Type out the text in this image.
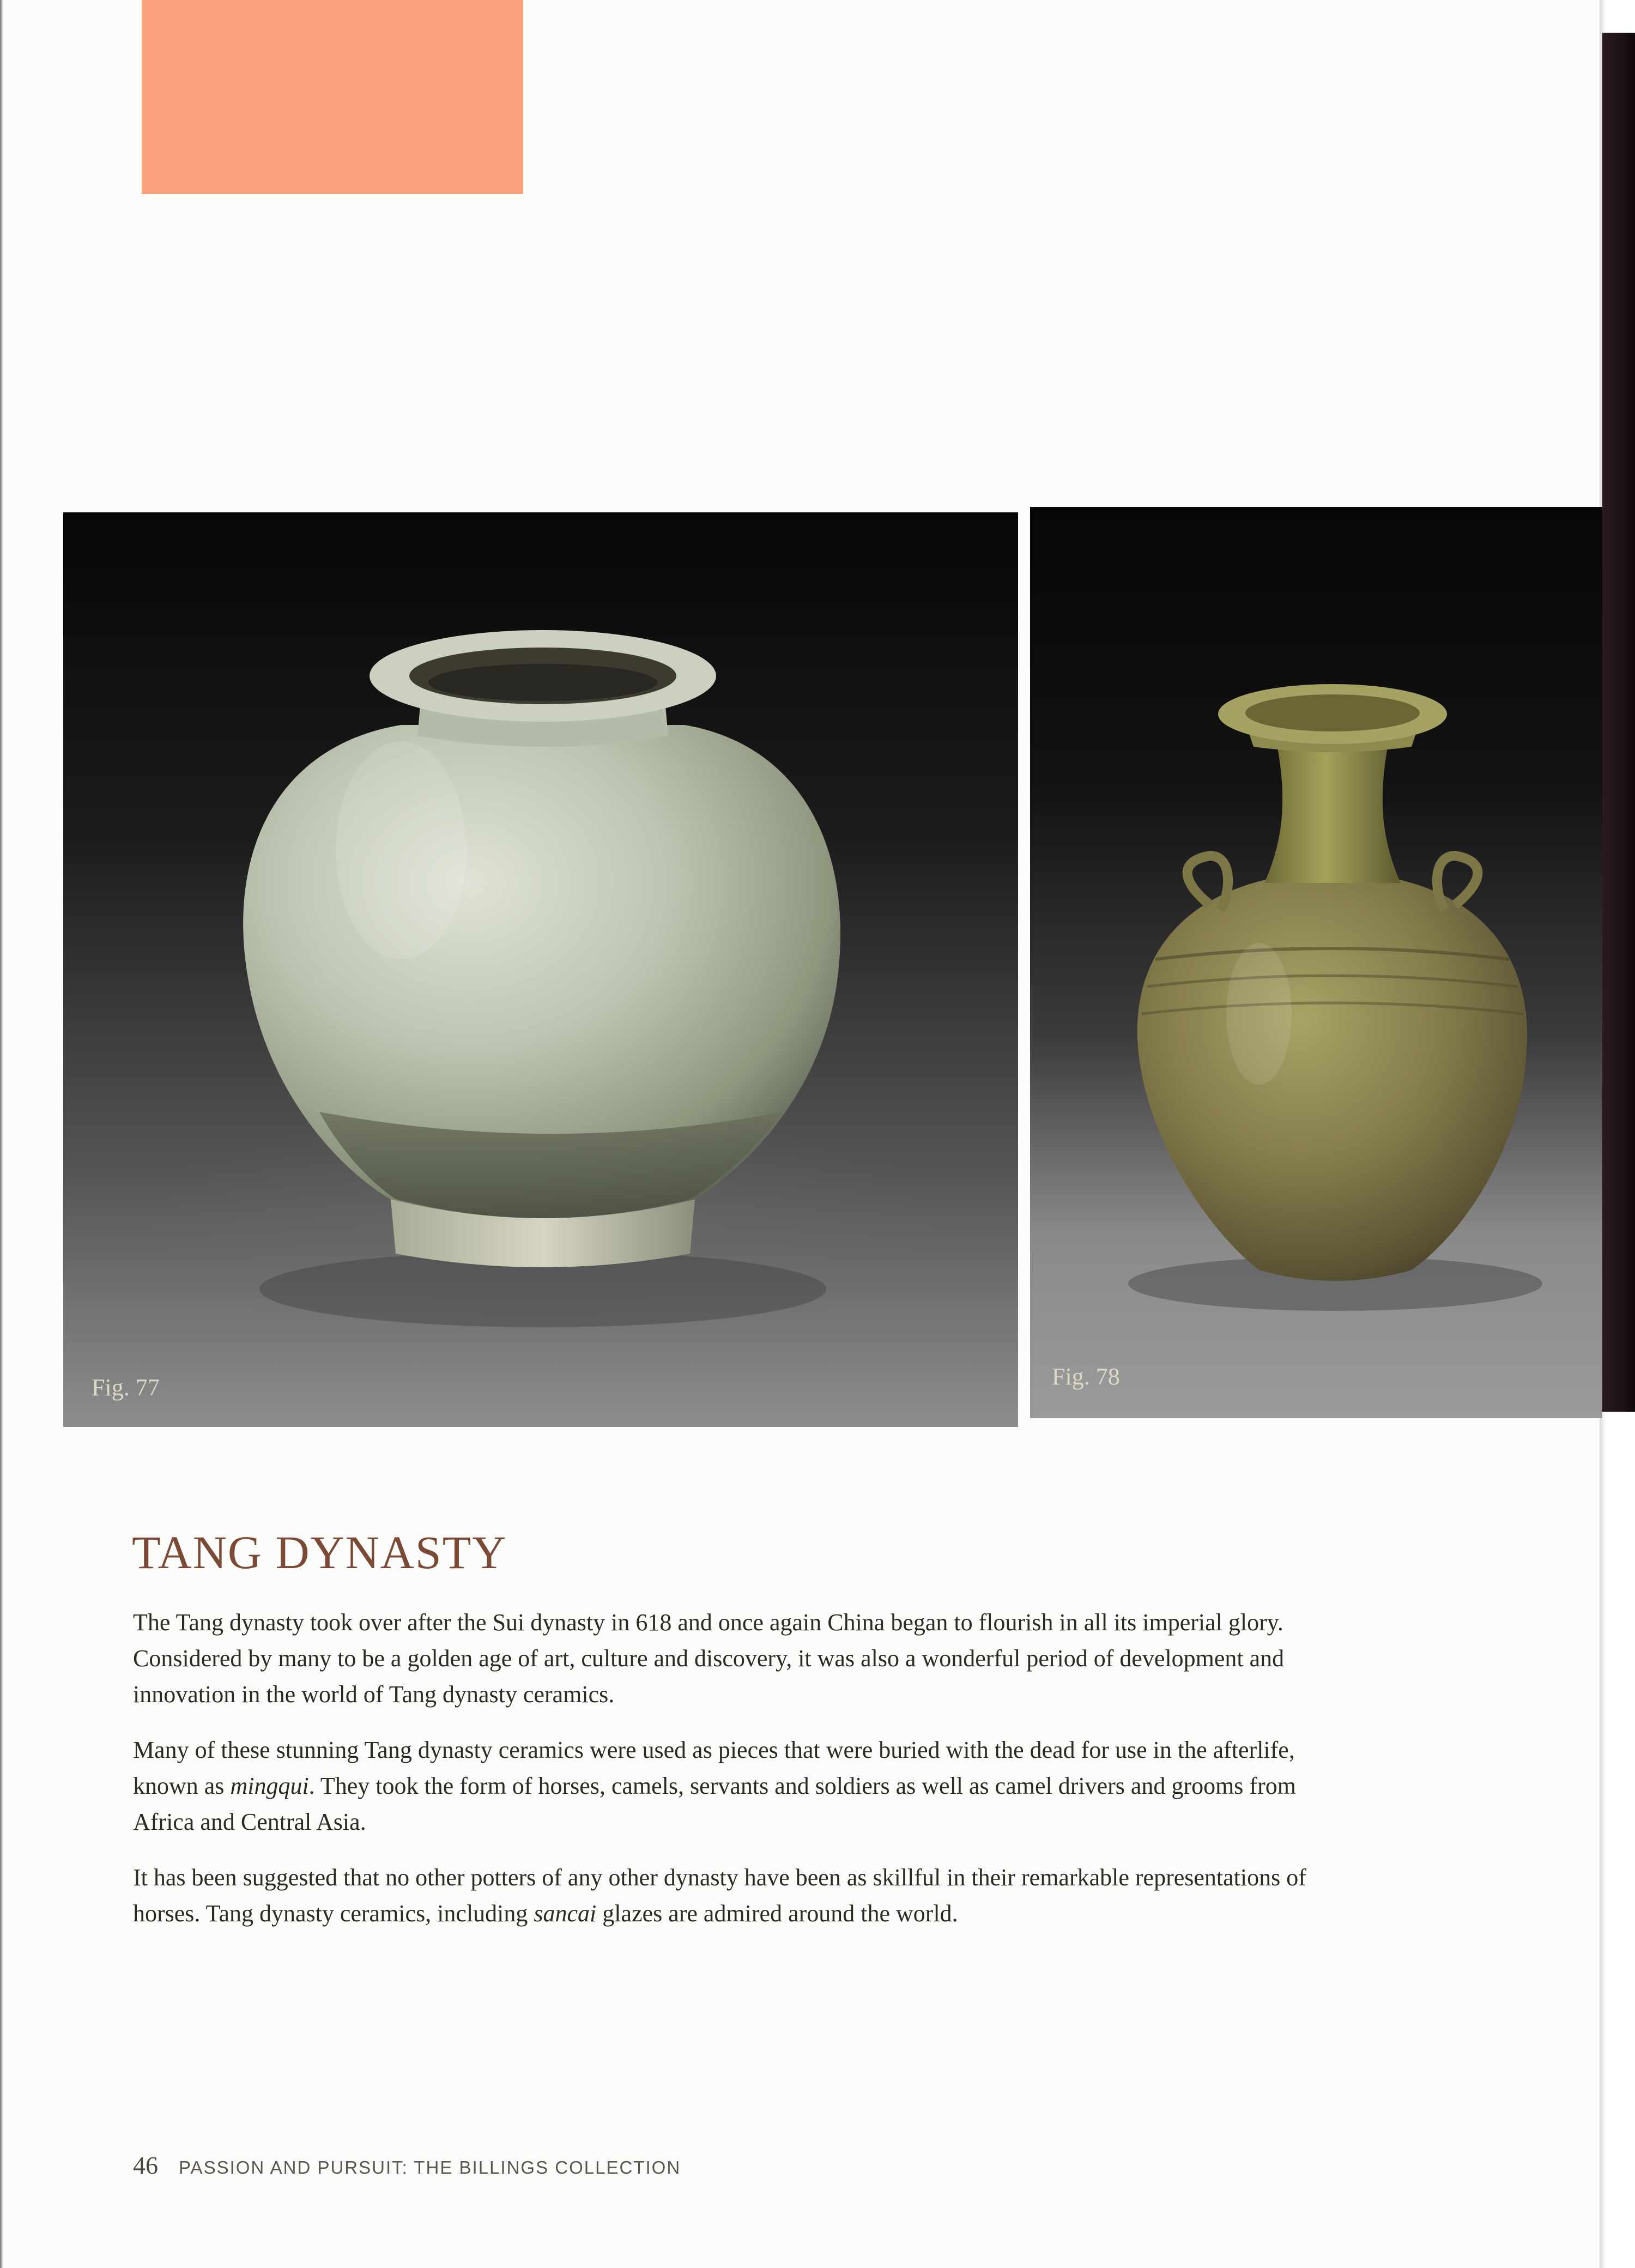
Fig. 77	Fig. 78
TANG DYNASTY

The Tang dynasty took over after the Sui dynasty in 618 and once again China began to flourish in all its imperial glory. Considered by many to be a golden age of art, culture and discovery, it was also a wonderful period of development and innovation in the world of Tang dynasty ceramics.

Many of these stunning Tang dynasty ceramics were used as pieces that were buried with the dead for use in the afterlife, known as mingqui. They took the form of horses, camels, servants and soldiers as well as camel drivers and grooms from Africa and Central Asia.

It has been suggested that no other potters of any other dynasty have been as skillful in their remarkable representations of horses. Tang dynasty ceramics, including sancai glazes are admired around the world.

46 PASSION AND PURSUIT: THE BILLINGS COLLECTION
